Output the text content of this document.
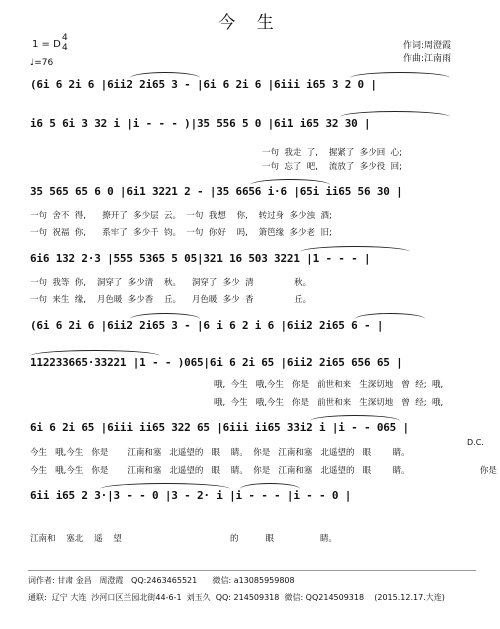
今 生
1 = D
4
4
♩=76
作词:周澄霞
作曲:江南雨
(6i 6 2i 6 |6ii2 2i65 3 - |6i 6 2i 6 |6iii i65 3 2 0 |
i6 5 6i 3 32 i |i - - - )|35 556 5 0 |6i1 i65 32 30 |
一句  我走  了,    握紧了  多少回  心;
一句  忘了  吧,    流放了  多少役  回;
35 565 65 6 0 |6i1 3221 2 - |35 6656 i·6 |65i ii65 56 30 |
一句  舍不  得,      撩开了  多少层  云。  一句  我想    你,    转过身  多少浊  酒;
一句  祝福  你,      系牢了  多少千  钧。  一句  你好    吗,    箫笆缘  多少老  旧;
6i6 132 2·3 |555 5365 5 05|321 16 503 3221 |1 - - - |
一句  我等  你,    洞穿了  多少清    秋。    洞穿了  多少  清               秋。
一句  来生  缘,    月色暖  多少香    丘。    月色暖  多少  香               丘。
(6i 6 2i 6 |6ii2 2i65 3 - |6 i 6 2 i 6 |6ii2 2i65 6 - |
112233665·33221 |1 - - )065|6i 6 2i 65 |6ii2 2i65 656 65 |
哦,  今生   哦,今生   你是   前世和来   生深切地   曾  经;  哦,
哦,  今生   哦,今生   你是   前世和来   生深切地   曾  经;  哦,
6i 6 2i 65 |6iii ii65 322 65 |6iii ii65 33i2 i |i - - 065 |
今生   哦,今生   你是       江南和塞   北遥望的   眼    睛。  你是   江南和塞   北遥望的   眼        睛。
今生   哦,今生   你是       江南和塞   北遥望的   眼    睛。  你是   江南和塞   北遥望的   眼        睛。                          你是
D.C.
6ii i65 2 3·|3 - - 0 |3 - 2· i |i - - - |i - - 0 |
江南和    塞北    遥    望                                        的          眼                 睛。
词作者: 甘肃 金昌   周澄霞   QQ:2463465521      微信: a13085959808
通联:  辽宁 大连  沙河口区兰园北街44-6-1  刘玉久  QQ: 214509318  微信: QQ214509318    (2015.12.17.大连)
